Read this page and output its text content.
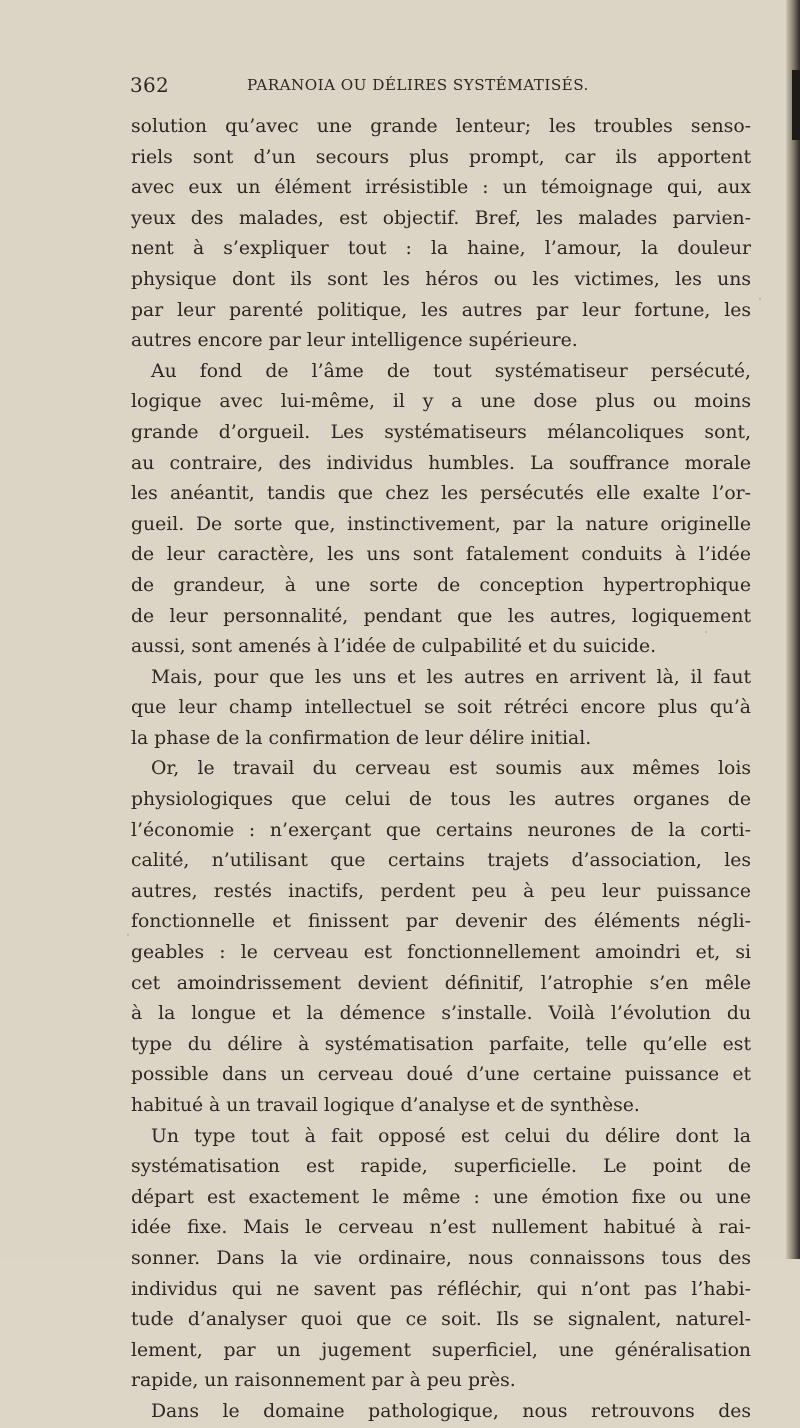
362	PARANOIA OU DÉLIRES SYSTÉMATISÉS.
solution qu’avec une grande lenteur; les troubles senso-
riels sont d’un secours plus prompt, car ils apportent
avec eux un élément irrésistible : un témoignage qui, aux
yeux des malades, est objectif. Bref, les malades parvien-
nent à s’expliquer tout : la haine, l’amour, la douleur
physique dont ils sont les héros ou les victimes, les uns
par leur parenté politique, les autres par leur fortune, les
autres encore par leur intelligence supérieure.
Au fond de l’âme de tout systématiseur persécuté,
logique avec lui-même, il y a une dose plus ou moins
grande d’orgueil. Les systématiseurs mélancoliques sont,
au contraire, des individus humbles. La souffrance morale
les anéantit, tandis que chez les persécutés elle exalte l’or-
gueil. De sorte que, instinctivement, par la nature originelle
de leur caractère, les uns sont fatalement conduits à l’idée
de grandeur, à une sorte de conception hypertrophique
de leur personnalité, pendant que les autres, logiquement
aussi, sont amenés à l’idée de culpabilité et du suicide.
Mais, pour que les uns et les autres en arrivent là, il faut
que leur champ intellectuel se soit rétréci encore plus qu’à
la phase de la confirmation de leur délire initial.
Or, le travail du cerveau est soumis aux mêmes lois
physiologiques que celui de tous les autres organes de
l’économie : n’exerçant que certains neurones de la corti-
calité, n’utilisant que certains trajets d’association, les
autres, restés inactifs, perdent peu à peu leur puissance
fonctionnelle et finissent par devenir des éléments négli-
geables : le cerveau est fonctionnellement amoindri et, si
cet amoindrissement devient définitif, l’atrophie s’en mêle
à la longue et la démence s’installe. Voilà l’évolution du
type du délire à systématisation parfaite, telle qu’elle est
possible dans un cerveau doué d’une certaine puissance et
habitué à un travail logique d’analyse et de synthèse.
Un type tout à fait opposé est celui du délire dont la
systématisation est rapide, superficielle. Le point de
départ est exactement le même : une émotion fixe ou une
idée fixe. Mais le cerveau n’est nullement habitué à rai-
sonner. Dans la vie ordinaire, nous connaissons tous des
individus qui ne savent pas réfléchir, qui n’ont pas l’habi-
tude d’analyser quoi que ce soit. Ils se signalent, naturel-
lement, par un jugement superficiel, une généralisation
rapide, un raisonnement par à peu près.
Dans le domaine pathologique, nous retrouvons des
